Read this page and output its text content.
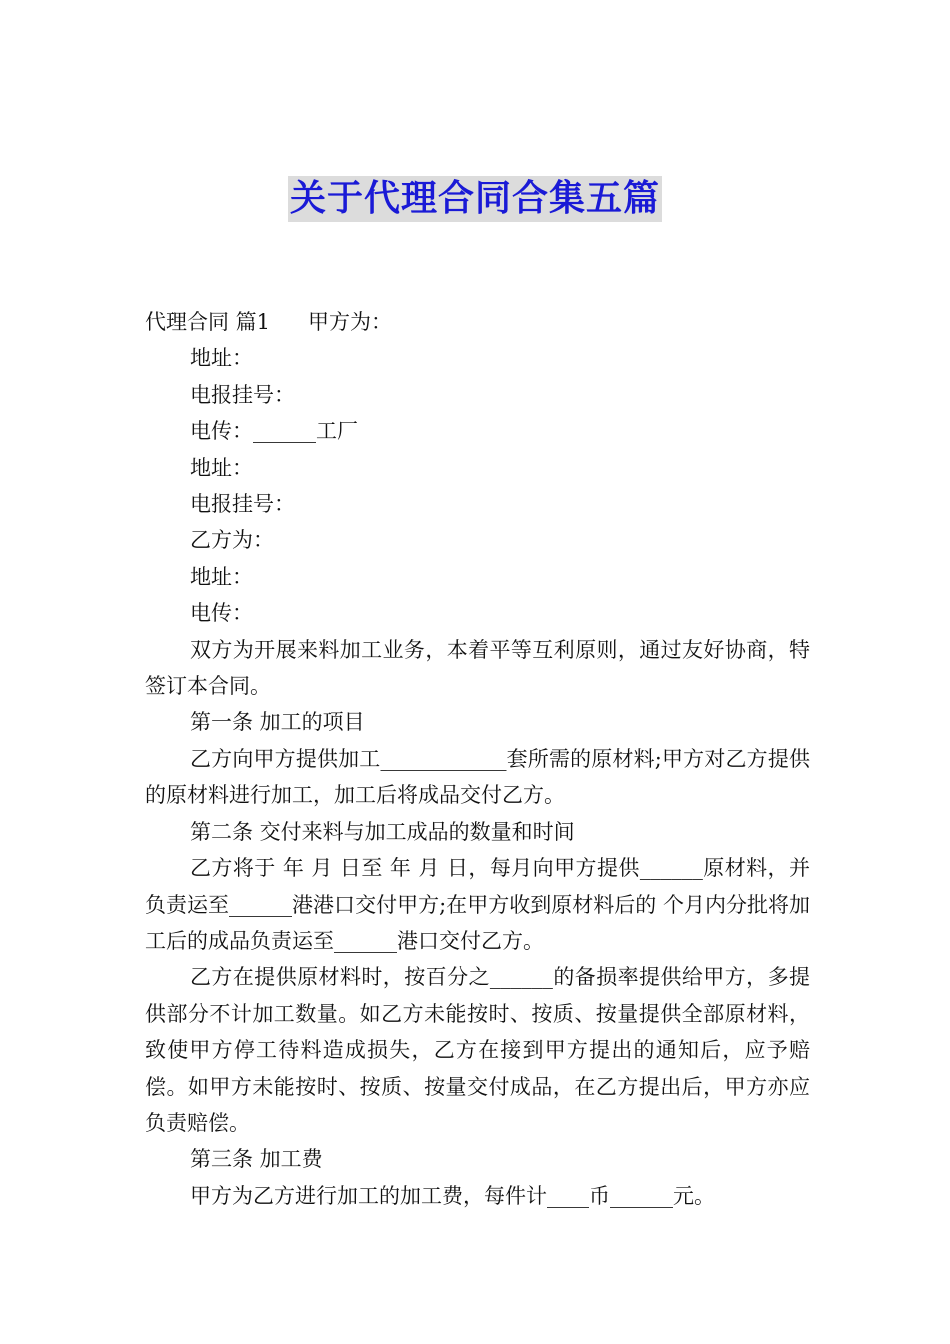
关于代理合同合集五篇

代理合同 篇1 甲方为：

地址：

电报挂号：

电传：______工厂

地址：

电报挂号：

乙方为：

地址：

电传：

双方为开展来料加工业务，本着平等互利原则，通过友好协商，特签订本合同。

第一条 加工的项目

乙方向甲方提供加工____________套所需的原材料;甲方对乙方提供的原材料进行加工，加工后将成品交付乙方。

第二条 交付来料与加工成品的数量和时间

乙方将于 年 月 日至 年 月 日，每月向甲方提供______原材料，并负责运至______港港口交付甲方;在甲方收到原材料后的 个月内分批将加工后的成品负责运至______港口交付乙方。

乙方在提供原材料时，按百分之______的备损率提供给甲方，多提供部分不计加工数量。如乙方未能按时、按质、按量提供全部原材料，致使甲方停工待料造成损失，乙方在接到甲方提出的通知后，应予赔偿。如甲方未能按时、按质、按量交付成品，在乙方提出后，甲方亦应负责赔偿。

第三条 加工费

甲方为乙方进行加工的加工费，每件计____币______元。
